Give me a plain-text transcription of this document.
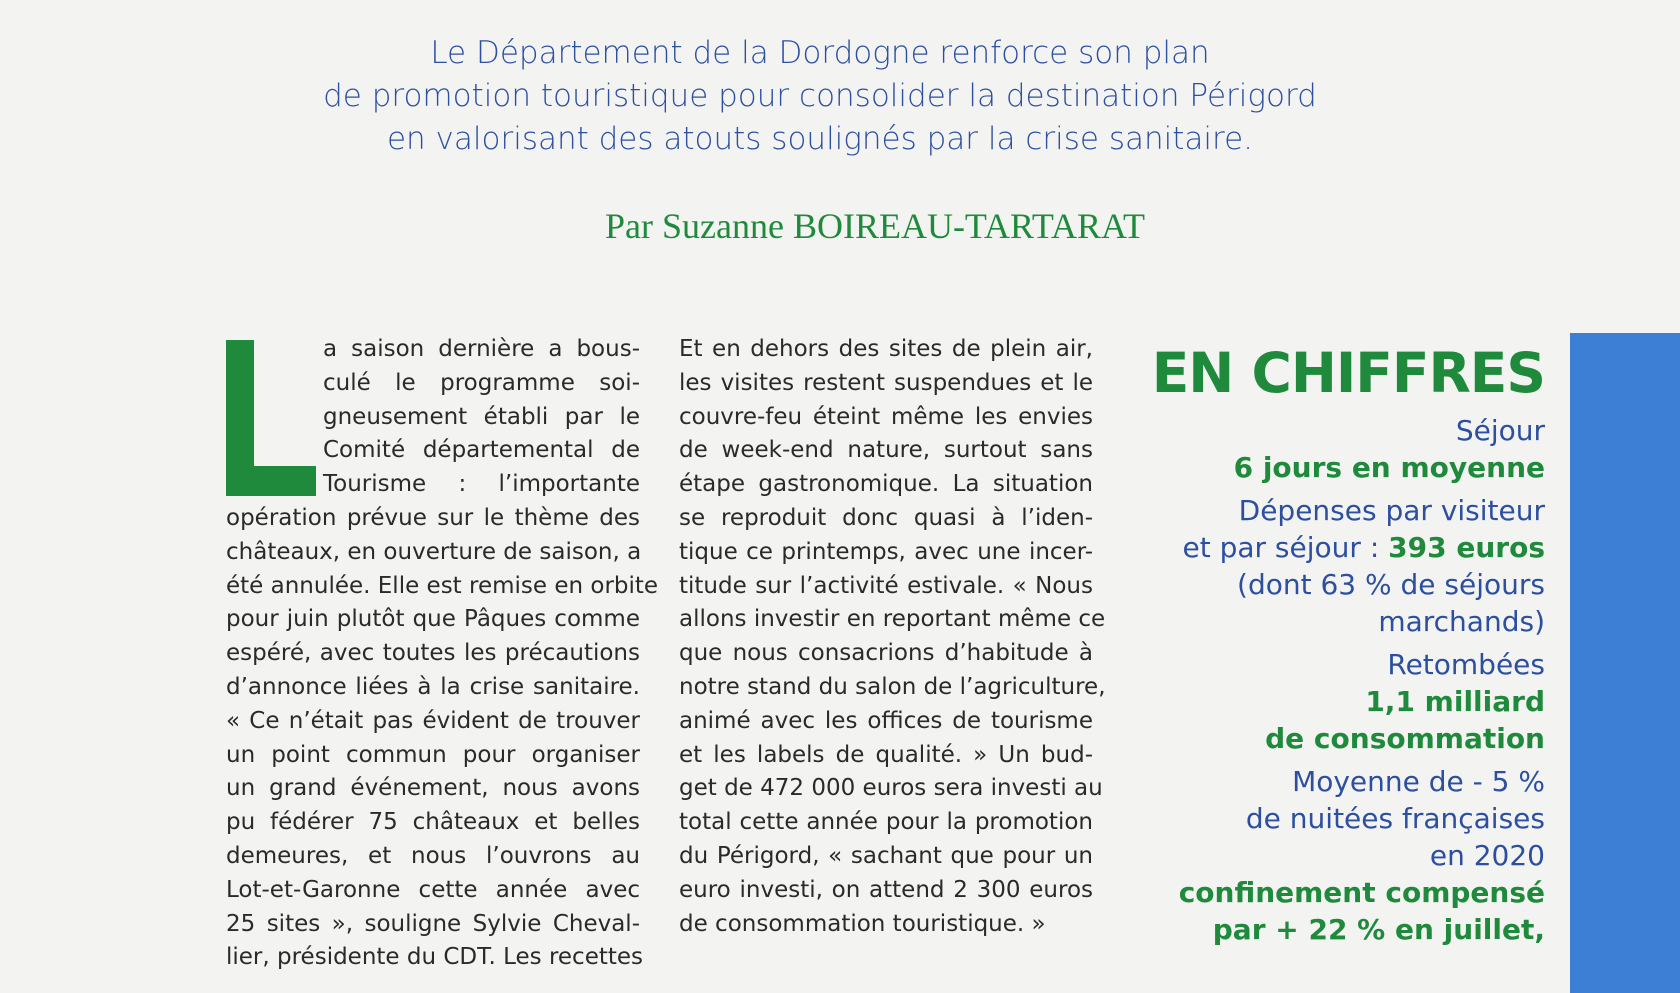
Le Département de la Dordogne renforce son plan
de promotion touristique pour consolider la destination Périgord
en valorisant des atouts soulignés par la crise sanitaire.
Par Suzanne BOIREAU-TARTARAT
a saison dernière a bous-
culé le programme soi-
gneusement établi par le
Comité départemental de
Tourisme : l’importante
opération prévue sur le thème des
châteaux, en ouverture de saison, a
été annulée. Elle est remise en orbite
pour juin plutôt que Pâques comme
espéré, avec toutes les précautions
d’annonce liées à la crise sanitaire.
« Ce n’était pas évident de trouver
un point commun pour organiser
un grand événement, nous avons
pu fédérer 75 châteaux et belles
demeures, et nous l’ouvrons au
Lot-et-Garonne cette année avec
25 sites », souligne Sylvie Cheval-
lier, présidente du CDT. Les recettes
Et en dehors des sites de plein air,
les visites restent suspendues et le
couvre-feu éteint même les envies
de week-end nature, surtout sans
étape gastronomique. La situation
se reproduit donc quasi à l’iden-
tique ce printemps, avec une incer-
titude sur l’activité estivale. « Nous
allons investir en reportant même ce
que nous consacrions d’habitude à
notre stand du salon de l’agriculture,
animé avec les offices de tourisme
et les labels de qualité. » Un bud-
get de 472 000 euros sera investi au
total cette année pour la promotion
du Périgord, « sachant que pour un
euro investi, on attend 2 300 euros
de consommation touristique. »
EN CHIFFRES
Séjour
6 jours en moyenne
Dépenses par visiteur
et par séjour : 393 euros
(dont 63 % de séjours
marchands)
Retombées
1,1 milliard
de consommation
Moyenne de - 5 %
de nuitées françaises
en 2020
confinement compensé
par + 22 % en juillet,
